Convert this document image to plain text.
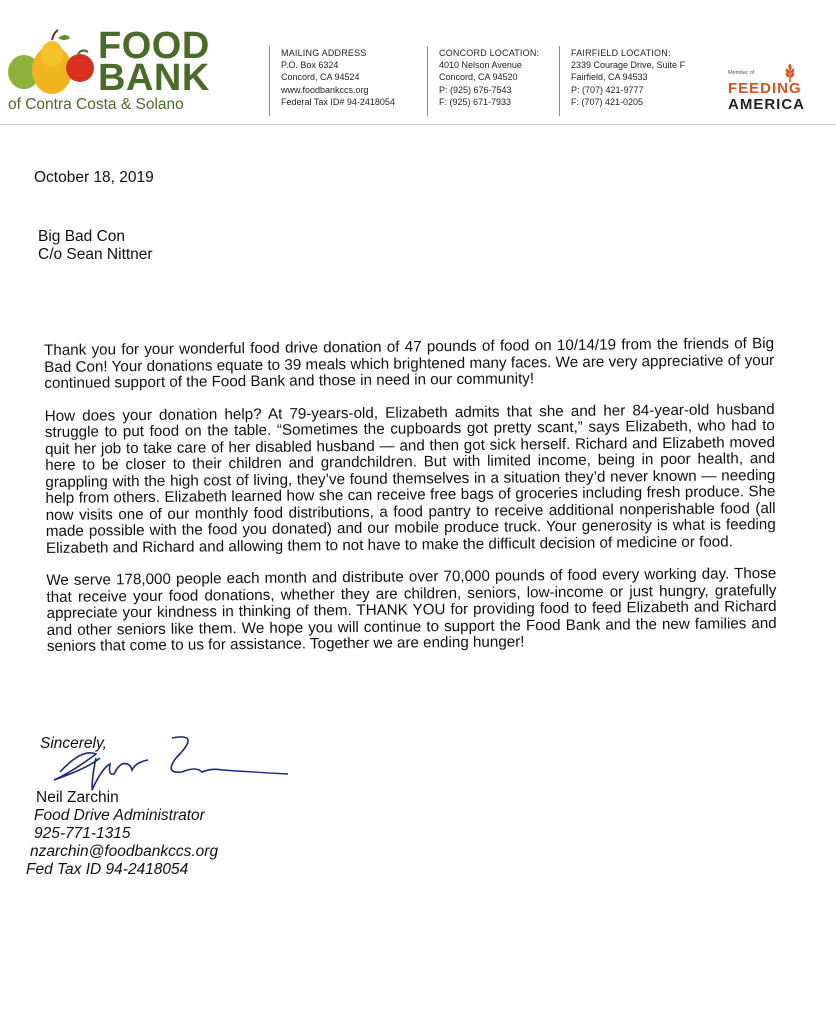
FOOD
BANK
of Contra Costa & Solano
MAILING ADDRESS
P.O. Box 6324
Concord, CA 94524
www.foodbankccs.org
Federal Tax ID# 94-2418054
CONCORD LOCATION:
4010 Nelson Avenue
Concord, CA 94520
P: (925) 676-7543
F: (925) 671-7933
FAIRFIELD LOCATION:
2339 Courage Drive, Suite F
Fairfield, CA 94533
P: (707) 421-9777
F: (707) 421-0205
Member of
FEEDING
AMERICA
October 18, 2019
Big Bad Con
C/o Sean Nittner

Thank you for your wonderful food drive donation of 47 pounds of food on 10/14/19 from the friends of Big Bad Con! Your donations equate to 39 meals which brightened many faces. We are very appreciative of your continued support of the Food Bank and those in need in our community!

How does your donation help? At 79-years-old, Elizabeth admits that she and her 84-year-old husband struggle to put food on the table. “Sometimes the cupboards got pretty scant,” says Elizabeth, who had to quit her job to take care of her disabled husband — and then got sick herself. Richard and Elizabeth moved here to be closer to their children and grandchildren. But with limited income, being in poor health, and grappling with the high cost of living, they’ve found themselves in a situation they’d never known — needing help from others. Elizabeth learned how she can receive free bags of groceries including fresh produce. She now visits one of our monthly food distributions, a food pantry to receive additional nonperishable food (all made possible with the food you donated) and our mobile produce truck. Your generosity is what is feeding Elizabeth and Richard and allowing them to not have to make the difficult decision of medicine or food.

We serve 178,000 people each month and distribute over 70,000 pounds of food every working day. Those that receive your food donations, whether they are children, seniors, low-income or just hungry, gratefully appreciate your kindness in thinking of them. THANK YOU for providing food to feed Elizabeth and Richard and other seniors like them. We hope you will continue to support the Food Bank and the new families and seniors that come to us for assistance. Together we are ending hunger!

Sincerely,
Neil Zarchin
Food Drive Administrator
925-771-1315
nzarchin@foodbankccs.org
Fed Tax ID 94-2418054
